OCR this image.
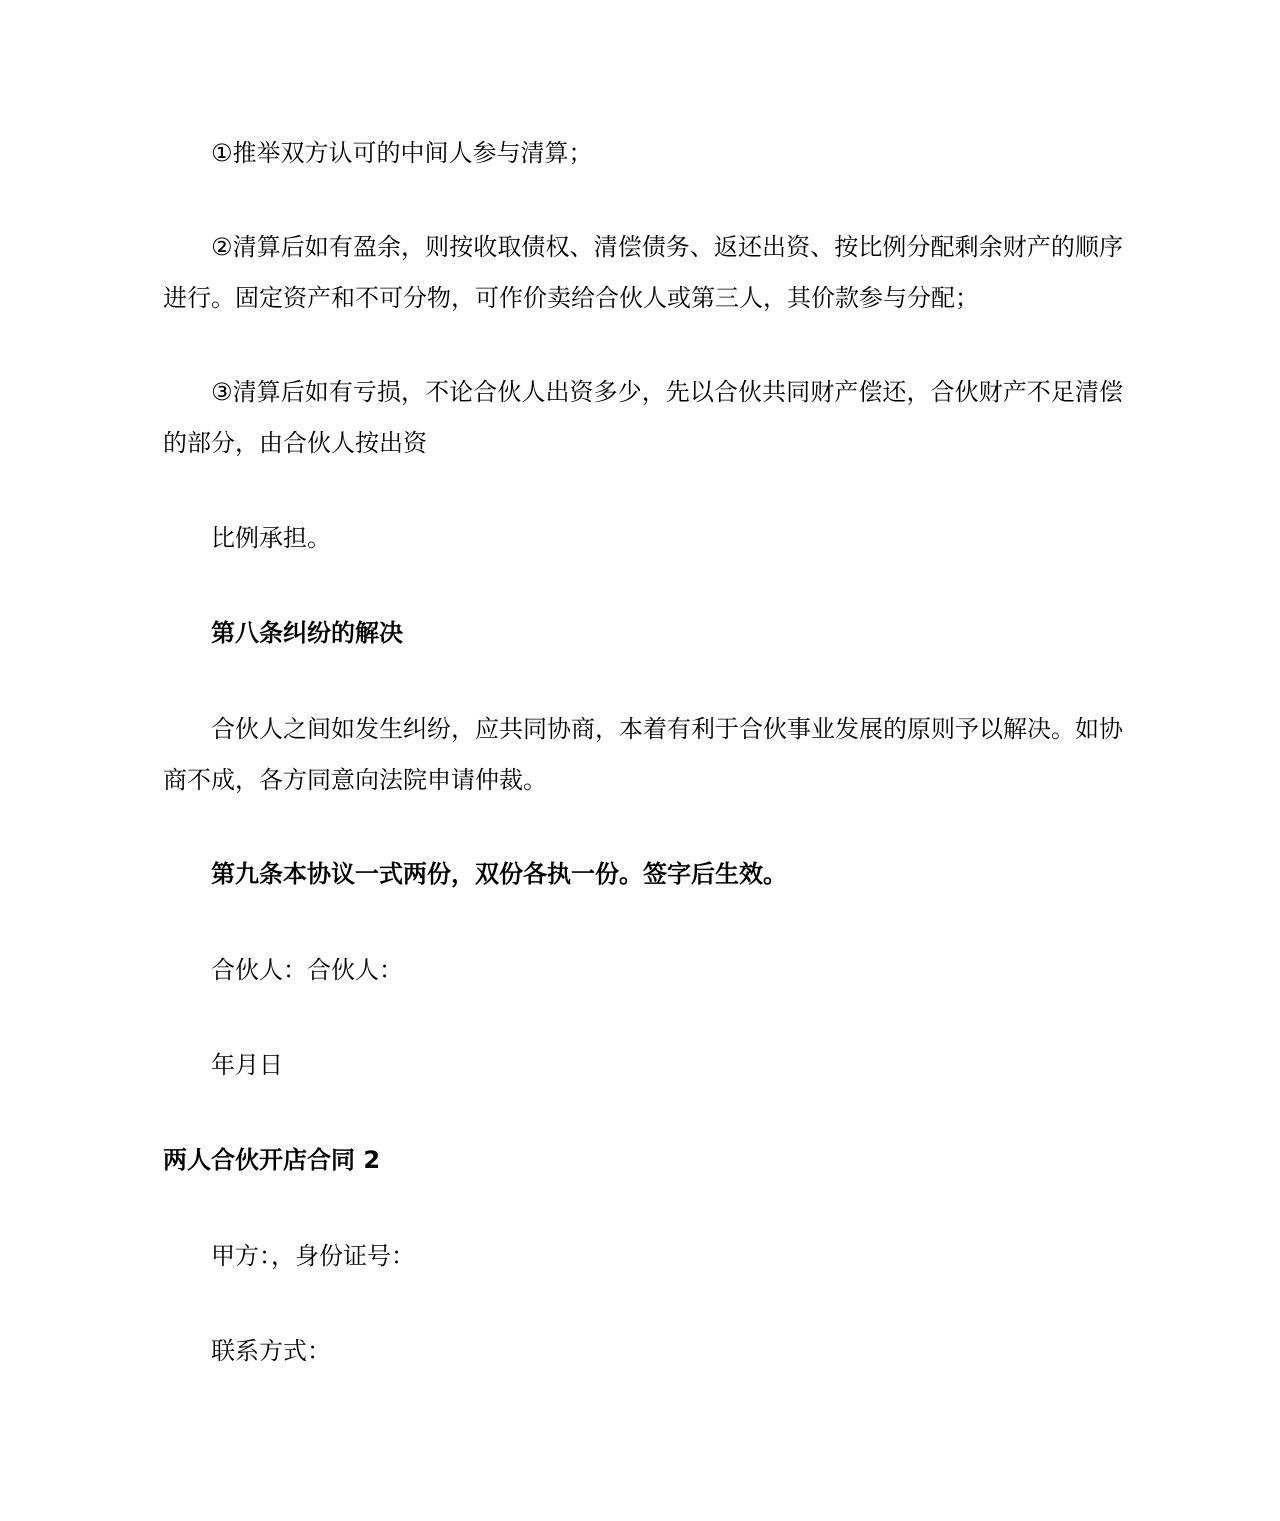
①推举双方认可的中间人参与清算；

②清算后如有盈余，则按收取债权、清偿债务、返还出资、按比例分配剩余财产的顺序进行。固定资产和不可分物，可作价卖给合伙人或第三人，其价款参与分配；

③清算后如有亏损，不论合伙人出资多少，先以合伙共同财产偿还，合伙财产不足清偿的部分，由合伙人按出资

比例承担。

第八条纠纷的解决

合伙人之间如发生纠纷，应共同协商，本着有利于合伙事业发展的原则予以解决。如协商不成，各方同意向法院申请仲裁。

第九条本协议一式两份，双份各执一份。签字后生效。

合伙人：合伙人：

年月日

两人合伙开店合同 2

甲方：，身份证号：

联系方式：
